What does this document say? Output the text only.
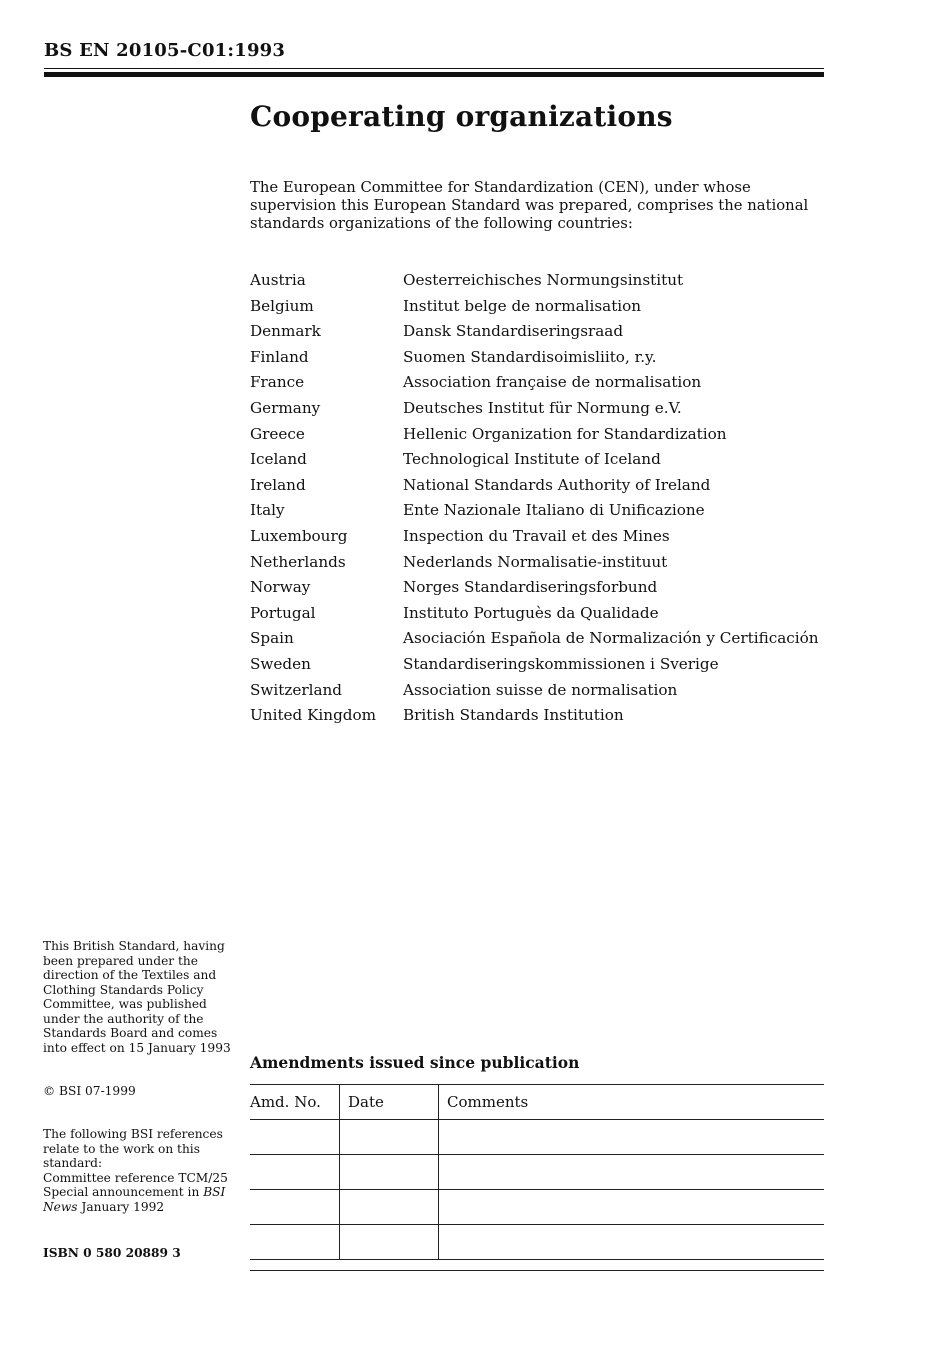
BS EN 20105-C01:1993
Cooperating organizations

The European Committee for Standardization (CEN), under whose supervision this European Standard was prepared, comprises the national standards organizations of the following countries:

Austria	Oesterreichisches Normungsinstitut
Belgium	Institut belge de normalisation
Denmark	Dansk Standardiseringsraad
Finland	Suomen Standardisoimisliito, r.y.
France	Association française de normalisation
Germany	Deutsches Institut für Normung e.V.
Greece	Hellenic Organization for Standardization
Iceland	Technological Institute of Iceland
Ireland	National Standards Authority of Ireland
Italy	Ente Nazionale Italiano di Unificazione
Luxembourg	Inspection du Travail et des Mines
Netherlands	Nederlands Normalisatie-instituut
Norway	Norges Standardiseringsforbund
Portugal	Instituto Portuguès da Qualidade
Spain	Asociación Española de Normalización y Certificación
Sweden	Standardiseringskommissionen i Sverige
Switzerland	Association suisse de normalisation
United Kingdom	British Standards Institution

This British Standard, having been prepared under the direction of the Textiles and Clothing Standards Policy Committee, was published under the authority of the Standards Board and comes into effect on 15 January 1993

© BSI 07-1999

The following BSI references relate to the work on this standard:
Committee reference TCM/25
Special announcement in BSI News January 1992

ISBN 0 580 20889 3

Amendments issued since publication
Amd. No.	Date	Comments
